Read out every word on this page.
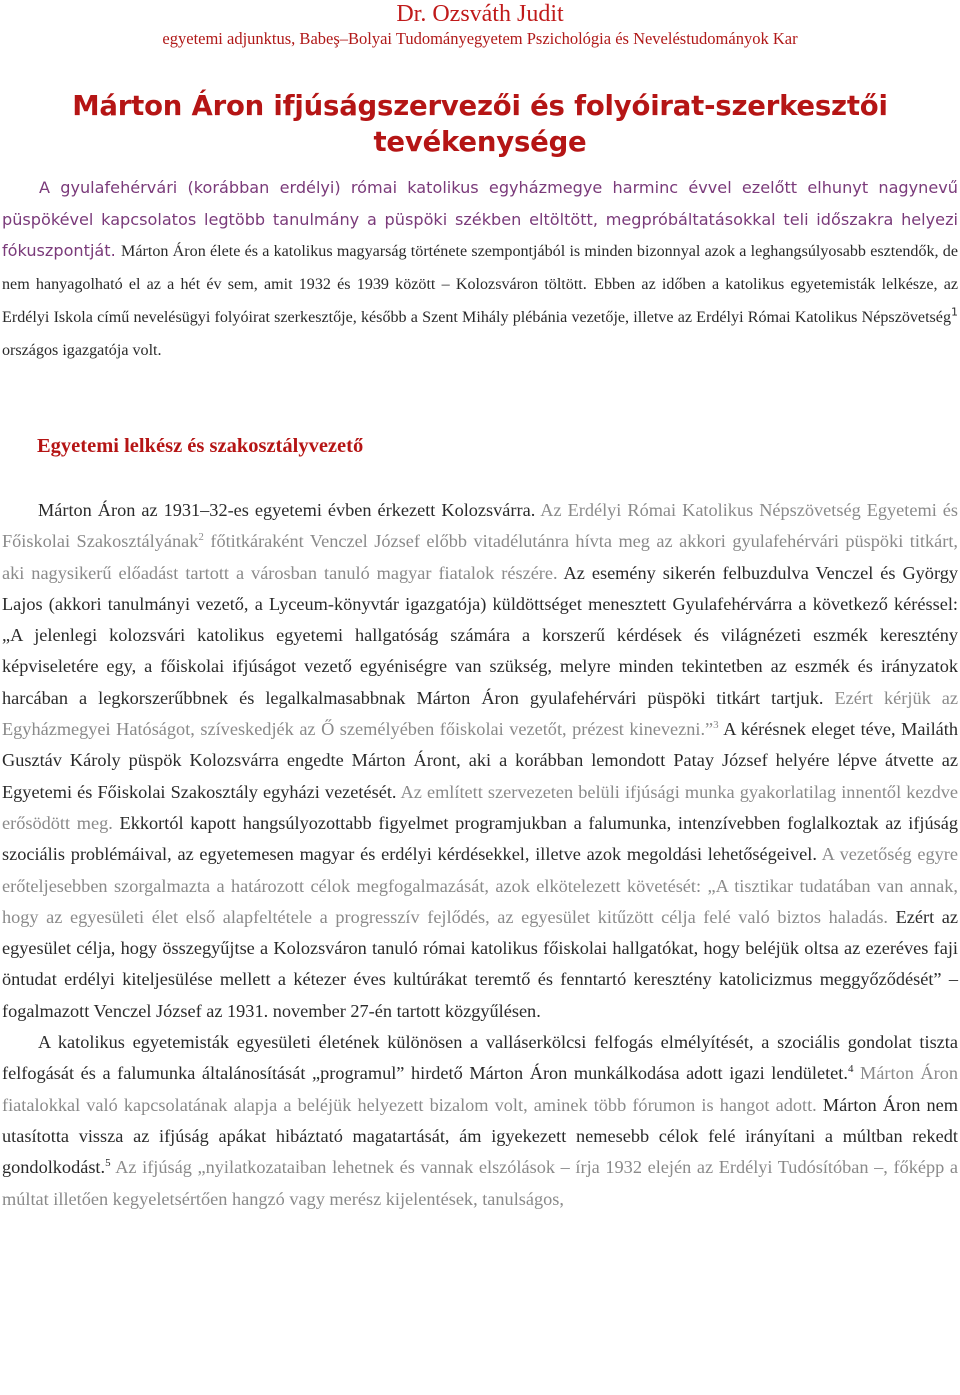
Dr. Ozsváth Judit
egyetemi adjunktus, Babeş–Bolyai Tudományegyetem Pszichológia és Neveléstudományok Kar
Márton Áron ifjúságszervezői és folyóirat-szerkesztői tevékenysége
A gyulafehérvári (korábban erdélyi) római katolikus egyházmegye harminc évvel ezelőtt elhunyt nagynevű püspökével kapcsolatos legtöbb tanulmány a püspöki székben eltöltött, megpróbáltatásokkal teli időszakra helyezi fókuszpontját. Márton Áron élete és a katolikus magyarság története szempontjából is minden bizonnyal azok a leghangsúlyosabb esztendők, de nem hanyagolható el az a hét év sem, amit 1932 és 1939 között – Kolozsváron töltött. Ebben az időben a katolikus egyetemisták lelkésze, az Erdélyi Iskola című nevelésügyi folyóirat szerkesztője, később a Szent Mihály plébánia vezetője, illetve az Erdélyi Római Katolikus Népszövetség$^1$ országos igazgatója volt.
Egyetemi lelkész és szakosztályvezető

Márton Áron az 1931–32-es egyetemi évben érkezett Kolozsvárra. Az Erdélyi Római Katolikus Népszövetség Egyetemi és Főiskolai Szakosztályának$^2$ főtitkáraként Venczel József előbb vitadélutánra hívta meg az akkori gyulafehérvári püspöki titkárt, aki nagysikerű előadást tartott a városban tanuló magyar fiatalok részére. Az esemény sikerén felbuzdulva Venczel és György Lajos (akkori tanulmányi vezető, a Lyceum-könyvtár igazgatója) küldöttséget menesztett Gyulafehérvárra a következő kéréssel: „A jelenlegi kolozsvári katolikus egyetemi hallgatóság számára a korszerű kérdések és világnézeti eszmék keresztény képviseletére egy, a főiskolai ifjúságot vezető egyéniségre van szükség, melyre minden tekintetben az eszmék és irányzatok harcában a legkorszerűbbnek és legalkalmasabbnak Márton Áron gyulafehérvári püspöki titkárt tartjuk. Ezért kérjük az Egyházmegyei Hatóságot, szíveskedjék az Ő személyében főiskolai vezetőt, prézest kinevezni.”$^3$ A kérésnek eleget téve, Mailáth Gusztáv Károly püspök Kolozsvárra engedte Márton Áront, aki a korábban lemondott Patay József helyére lépve átvette az Egyetemi és Főiskolai Szakosztály egyházi vezetését. Az említett szervezeten belüli ifjúsági munka gyakorlatilag innentől kezdve erősödött meg. Ekkortól kapott hangsúlyozottabb figyelmet programjukban a falumunka, intenzívebben foglalkoztak az ifjúság szociális problémáival, az egyetemesen magyar és erdélyi kérdésekkel, illetve azok megoldási lehetőségeivel. A vezetőség egyre erőteljesebben szorgalmazta a határozott célok megfogalmazását, azok elkötelezett követését: „A tisztikar tudatában van annak, hogy az egyesületi élet első alapfeltétele a progresszív fejlődés, az egyesület kitűzött célja felé való biztos haladás. Ezért az egyesület célja, hogy összegyűjtse a Kolozsváron tanuló római katolikus főiskolai hallgatókat, hogy beléjük oltsa az ezeréves faji öntudat erdélyi kiteljesülése mellett a kétezer éves kultúrákat teremtő és fenntartó keresztény katolicizmus meggyőződését” – fogalmazott Venczel József az 1931. november 27-én tartott közgyűlésen.

A katolikus egyetemisták egyesületi életének különösen a valláserkölcsi felfogás elmélyítését, a szociális gondolat tiszta felfogását és a falumunka általánosítását „programul” hirdető Márton Áron munkálkodása adott igazi lendületet.$^4$ Márton Áron fiatalokkal való kapcsolatának alapja a beléjük helyezett bizalom volt, aminek több fórumon is hangot adott. Márton Áron nem utasította vissza az ifjúság apákat hibáztató magatartását, ám igyekezett nemesebb célok felé irányítani a múltban rekedt gondolkodást.$^5$ Az ifjúság „nyilatkozataiban lehetnek és vannak elszólások – írja 1932 elején az Erdélyi Tudósítóban –, főképp a múltat illetően kegyeletsértően hangzó vagy merész kijelentések, tanulságos,
